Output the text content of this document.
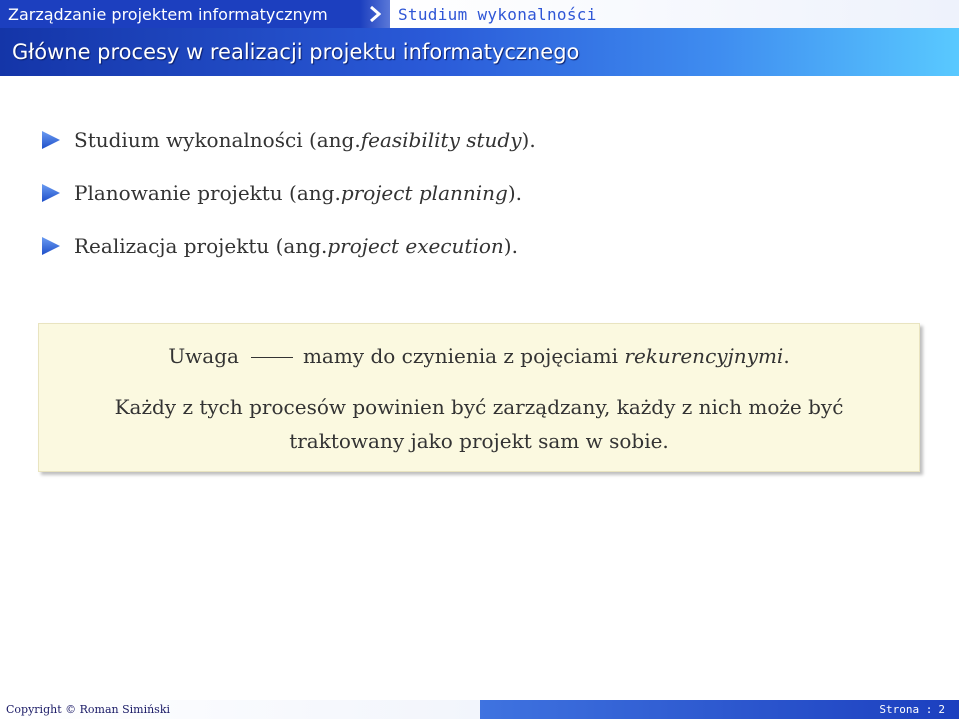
Zarządzanie projektem informatycznym	Studium wykonalności
Główne procesy w realizacji projektu informatycznego
Studium wykonalności (ang. feasibility study ).
Planowanie projektu (ang. project planning ).
Realizacja projektu (ang. project execution ).
Uwaga	mamy do czynienia z pojęciami rekurencyjnymi.
Każdy z tych procesów powinien być zarządzany, każdy z nich może być traktowany jako projekt sam w sobie.
Copyright © Roman Simiński	Strona : 2
